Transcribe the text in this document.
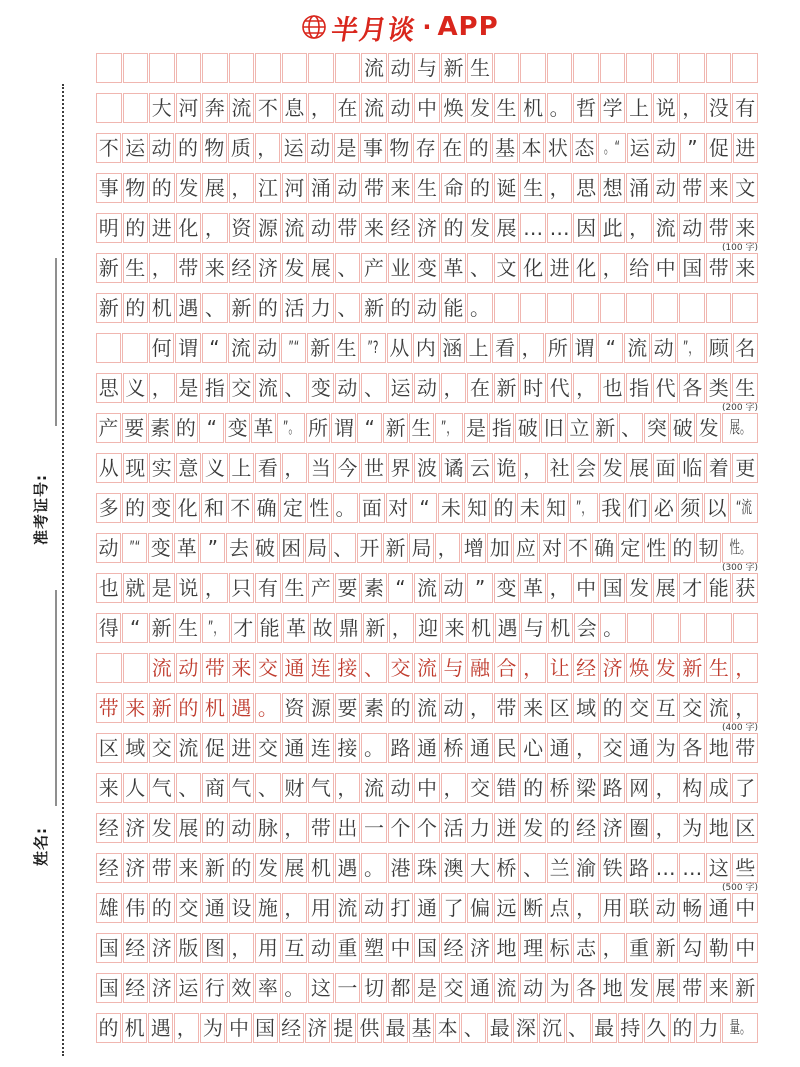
半月谈 · APP
准考证号:
姓名:
流 动 与 新 生
大 河 奔 流 不 息 ， 在 流 动 中 焕 发 生 机 。 哲 学 上 说 ， 没 有
不 运 动 的 物 质 ， 运 动 是 事 物 存 在 的 基 本 状 态 。“ 运 动 ” 促 进
事 物 的 发 展 ， 江 河 涌 动 带 来 生 命 的 诞 生 ， 思 想 涌 动 带 来 文
明 的 进 化 ， 资 源 流 动 带 来 经 济 的 发 展 … … 因 此 ， 流 动 带 来
(100 字)
新 生 ， 带 来 经 济 发 展 、 产 业 变 革 、 文 化 进 化 ， 给 中 国 带 来
新 的 机 遇 、 新 的 活 力 、 新 的 动 能 。
何 谓 “ 流 动 ”“ 新 生 ”? 从 内 涵 上 看 ， 所 谓 “ 流 动 ”， 顾 名
思 义 ， 是 指 交 流 、 变 动 、 运 动 ， 在 新 时 代 ， 也 指 代 各 类 生
(200 字)
产 要 素 的 “ 变 革 ”。 所 谓 “ 新 生 ”， 是 指 破 旧 立 新 、 突 破 发 展。
从 现 实 意 义 上 看 ， 当 今 世 界 波 谲 云 诡 ， 社 会 发 展 面 临 着 更
多 的 变 化 和 不 确 定 性 。 面 对 “ 未 知 的 未 知 ”， 我 们 必 须 以 “流
动 ”“ 变 革 ” 去 破 困 局 、 开 新 局 ， 增 加 应 对 不 确 定 性 的 韧 性。
(300 字)
也 就 是 说 ， 只 有 生 产 要 素 “ 流 动 ” 变 革 ， 中 国 发 展 才 能 获
得 “ 新 生 ”， 才 能 革 故 鼎 新 ， 迎 来 机 遇 与 机 会 。
流 动 带 来 交 通 连 接 、 交 流 与 融 合 ， 让 经 济 焕 发 新 生 ，
带 来 新 的 机 遇 。 资 源 要 素 的 流 动 ， 带 来 区 域 的 交 互 交 流 ，
(400 字)
区 域 交 流 促 进 交 通 连 接 。 路 通 桥 通 民 心 通 ， 交 通 为 各 地 带
来 人 气 、 商 气 、 财 气 ， 流 动 中 ， 交 错 的 桥 梁 路 网 ， 构 成 了
经 济 发 展 的 动 脉 ， 带 出 一 个 个 活 力 迸 发 的 经 济 圈 ， 为 地 区
经 济 带 来 新 的 发 展 机 遇 。 港 珠 澳 大 桥 、 兰 渝 铁 路 … … 这 些
(500 字)
雄 伟 的 交 通 设 施 ， 用 流 动 打 通 了 偏 远 断 点 ， 用 联 动 畅 通 中
国 经 济 版 图 ， 用 互 动 重 塑 中 国 经 济 地 理 标 志 ， 重 新 勾 勒 中
国 经 济 运 行 效 率 。 这 一 切 都 是 交 通 流 动 为 各 地 发 展 带 来 新
的 机 遇 ， 为 中 国 经 济 提 供 最 基 本 、 最 深 沉 、 最 持 久 的 力 量。
